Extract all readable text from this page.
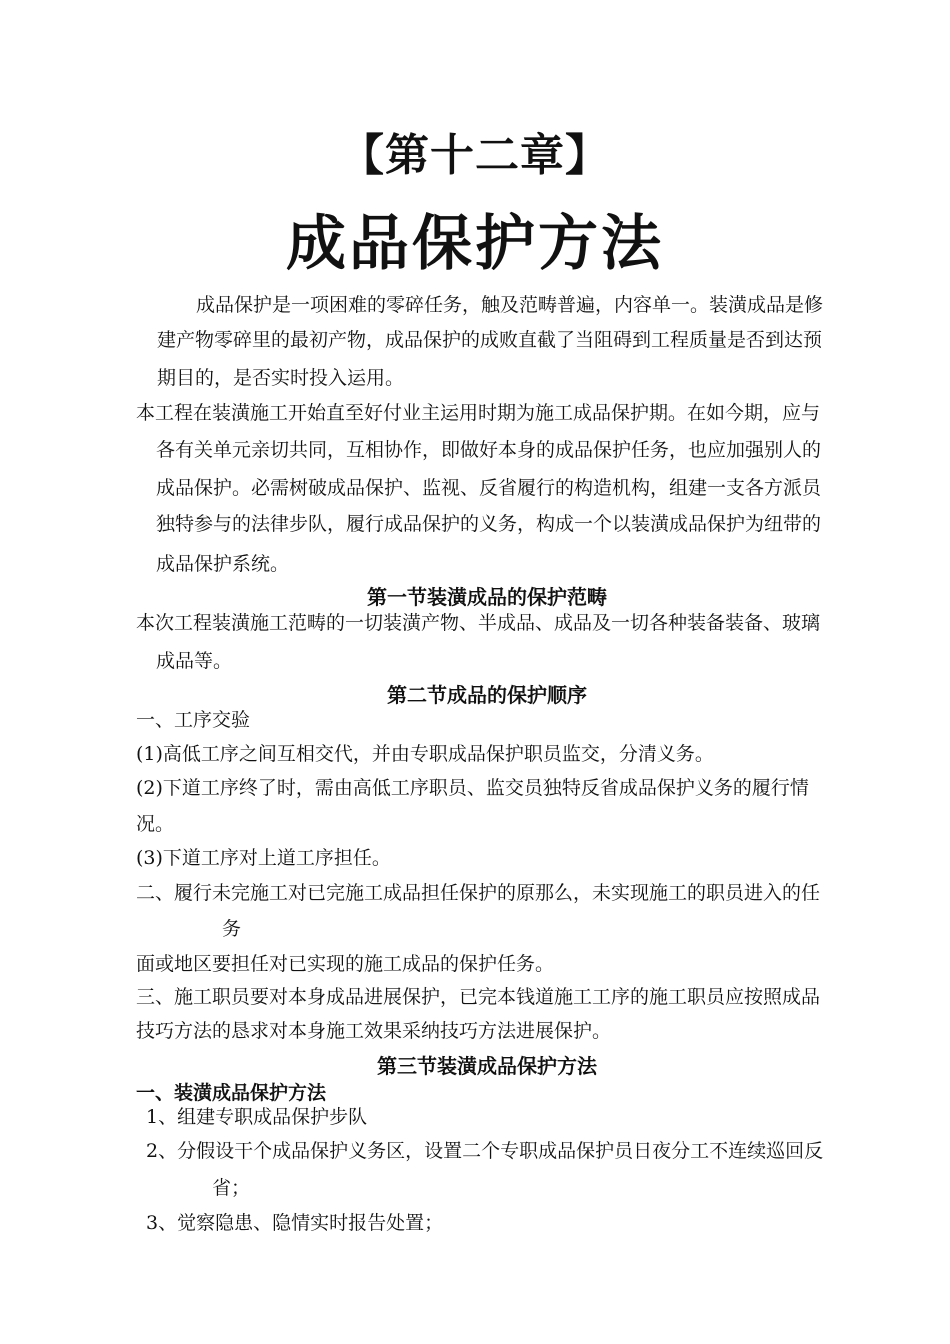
【第十二章】
成品保护方法
成品保护是一项困难的零碎任务，触及范畴普遍，内容单一。装潢成品是修
建产物零碎里的最初产物，成品保护的成败直截了当阻碍到工程质量是否到达预
期目的，是否实时投入运用。
本工程在装潢施工开始直至好付业主运用时期为施工成品保护期。在如今期，应与
各有关单元亲切共同，互相协作，即做好本身的成品保护任务，也应加强别人的
成品保护。必需树破成品保护、监视、反省履行的构造机构，组建一支各方派员
独特参与的法律步队，履行成品保护的义务，构成一个以装潢成品保护为纽带的
成品保护系统。
第一节装潢成品的保护范畴
本次工程装潢施工范畴的一切装潢产物、半成品、成品及一切各种装备装备、玻璃
成品等。
第二节成品的保护顺序
一、工序交验
(1)高低工序之间互相交代，并由专职成品保护职员监交，分清义务。
(2)下道工序终了时，需由高低工序职员、监交员独特反省成品保护义务的履行情
况。
(3)下道工序对上道工序担任。
二、履行未完施工对已完施工成品担任保护的原那么，未实现施工的职员进入的任
务
面或地区要担任对已实现的施工成品的保护任务。
三、施工职员要对本身成品进展保护，已完本钱道施工工序的施工职员应按照成品
技巧方法的恳求对本身施工效果采纳技巧方法进展保护。
第三节装潢成品保护方法
一、装潢成品保护方法
1、组建专职成品保护步队
2、分假设干个成品保护义务区，设置二个专职成品保护员日夜分工不连续巡回反
省；
3、觉察隐患、隐情实时报告处置；
